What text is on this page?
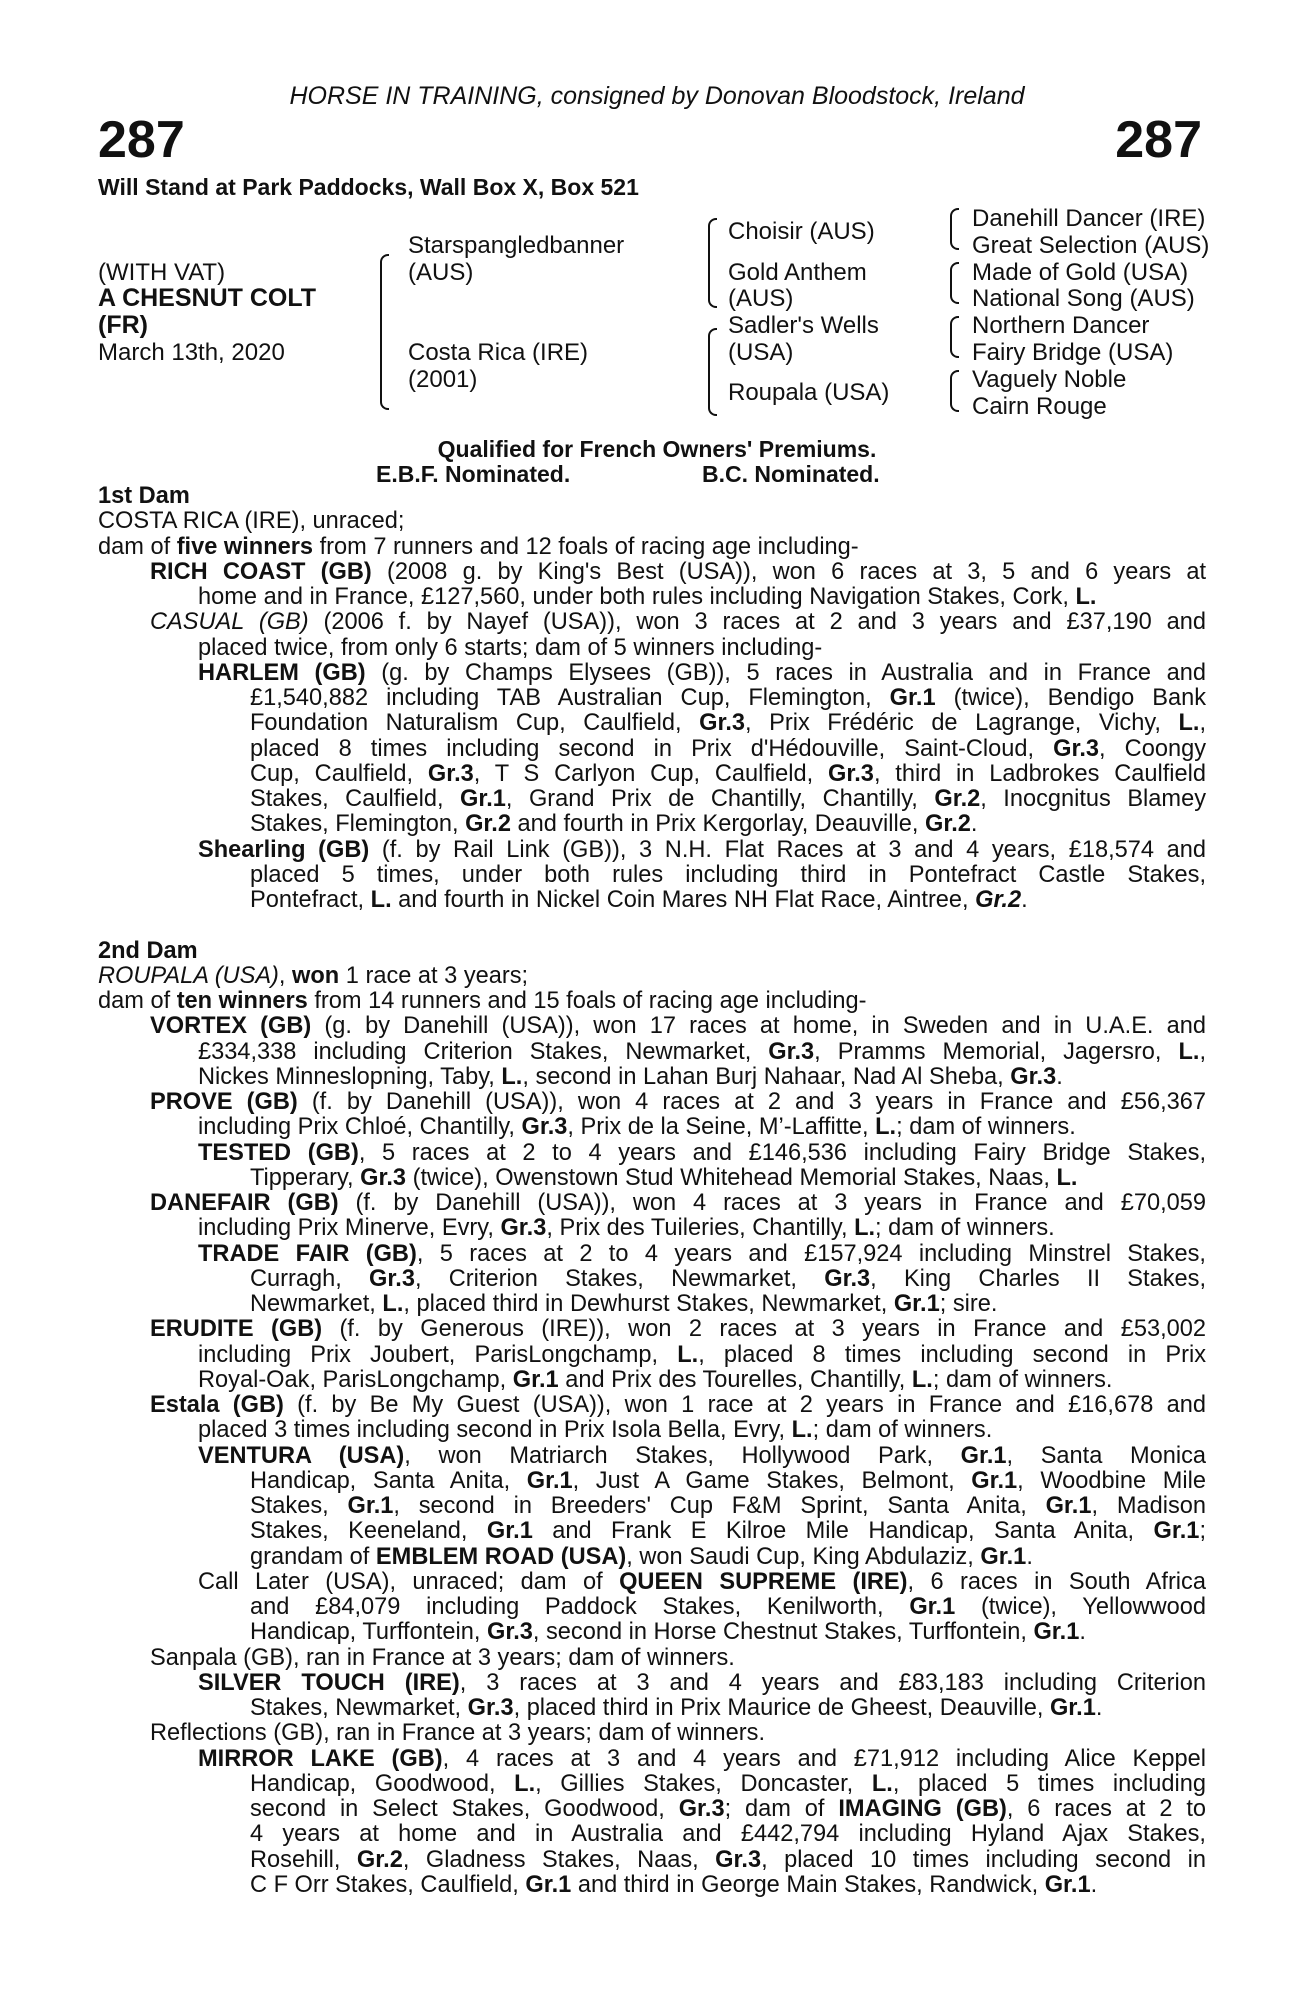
HORSE IN TRAINING, consigned by Donovan Bloodstock, Ireland
287	287
Will Stand at Park Paddocks, Wall Box X, Box 521
(WITH VAT)
A CHESNUT COLT
(FR)
March 13th, 2020
Starspangledbanner
(AUS)
Costa Rica (IRE)
(2001)
Choisir (AUS)
Gold Anthem
(AUS)
Sadler's Wells
(USA)
Roupala (USA)
Danehill Dancer (IRE)
Great Selection (AUS)
Made of Gold (USA)
National Song (AUS)
Northern Dancer
Fairy Bridge (USA)
Vaguely Noble
Cairn Rouge
Qualified for French Owners' Premiums.
E.B.F. Nominated.	B.C. Nominated.
1st Dam
COSTA RICA (IRE), unraced;
dam of five winners from 7 runners and 12 foals of racing age including-
RICH COAST (GB) (2008 g. by King's Best (USA)), won 6 races at 3, 5 and 6 years at
home and in France, £127,560, under both rules including Navigation Stakes, Cork, L.
CASUAL (GB) (2006 f. by Nayef (USA)), won 3 races at 2 and 3 years and £37,190 and
placed twice, from only 6 starts; dam of 5 winners including-
HARLEM (GB) (g. by Champs Elysees (GB)), 5 races in Australia and in France and
£1,540,882 including TAB Australian Cup, Flemington, Gr.1 (twice), Bendigo Bank
Foundation Naturalism Cup, Caulfield, Gr.3, Prix Frédéric de Lagrange, Vichy, L.,
placed 8 times including second in Prix d'Hédouville, Saint-Cloud, Gr.3, Coongy
Cup, Caulfield, Gr.3, T S Carlyon Cup, Caulfield, Gr.3, third in Ladbrokes Caulfield
Stakes, Caulfield, Gr.1, Grand Prix de Chantilly, Chantilly, Gr.2, Inocgnitus Blamey
Stakes, Flemington, Gr.2 and fourth in Prix Kergorlay, Deauville, Gr.2.
Shearling (GB) (f. by Rail Link (GB)), 3 N.H. Flat Races at 3 and 4 years, £18,574 and
placed 5 times, under both rules including third in Pontefract Castle Stakes,
Pontefract, L. and fourth in Nickel Coin Mares NH Flat Race, Aintree, Gr.2.
2nd Dam
ROUPALA (USA), won 1 race at 3 years;
dam of ten winners from 14 runners and 15 foals of racing age including-
VORTEX (GB) (g. by Danehill (USA)), won 17 races at home, in Sweden and in U.A.E. and
£334,338 including Criterion Stakes, Newmarket, Gr.3, Pramms Memorial, Jagersro, L.,
Nickes Minneslopning, Taby, L., second in Lahan Burj Nahaar, Nad Al Sheba, Gr.3.
PROVE (GB) (f. by Danehill (USA)), won 4 races at 2 and 3 years in France and £56,367
including Prix Chloé, Chantilly, Gr.3, Prix de la Seine, M’-Laffitte, L.; dam of winners.
TESTED (GB), 5 races at 2 to 4 years and £146,536 including Fairy Bridge Stakes,
Tipperary, Gr.3 (twice), Owenstown Stud Whitehead Memorial Stakes, Naas, L.
DANEFAIR (GB) (f. by Danehill (USA)), won 4 races at 3 years in France and £70,059
including Prix Minerve, Evry, Gr.3, Prix des Tuileries, Chantilly, L.; dam of winners.
TRADE FAIR (GB), 5 races at 2 to 4 years and £157,924 including Minstrel Stakes,
Curragh, Gr.3, Criterion Stakes, Newmarket, Gr.3, King Charles II Stakes,
Newmarket, L., placed third in Dewhurst Stakes, Newmarket, Gr.1; sire.
ERUDITE (GB) (f. by Generous (IRE)), won 2 races at 3 years in France and £53,002
including Prix Joubert, ParisLongchamp, L., placed 8 times including second in Prix
Royal-Oak, ParisLongchamp, Gr.1 and Prix des Tourelles, Chantilly, L.; dam of winners.
Estala (GB) (f. by Be My Guest (USA)), won 1 race at 2 years in France and £16,678 and
placed 3 times including second in Prix Isola Bella, Evry, L.; dam of winners.
VENTURA (USA), won Matriarch Stakes, Hollywood Park, Gr.1, Santa Monica
Handicap, Santa Anita, Gr.1, Just A Game Stakes, Belmont, Gr.1, Woodbine Mile
Stakes, Gr.1, second in Breeders' Cup F&M Sprint, Santa Anita, Gr.1, Madison
Stakes, Keeneland, Gr.1 and Frank E Kilroe Mile Handicap, Santa Anita, Gr.1;
grandam of EMBLEM ROAD (USA), won Saudi Cup, King Abdulaziz, Gr.1.
Call Later (USA), unraced; dam of QUEEN SUPREME (IRE), 6 races in South Africa
and £84,079 including Paddock Stakes, Kenilworth, Gr.1 (twice), Yellowwood
Handicap, Turffontein, Gr.3, second in Horse Chestnut Stakes, Turffontein, Gr.1.
Sanpala (GB), ran in France at 3 years; dam of winners.
SILVER TOUCH (IRE), 3 races at 3 and 4 years and £83,183 including Criterion
Stakes, Newmarket, Gr.3, placed third in Prix Maurice de Gheest, Deauville, Gr.1.
Reflections (GB), ran in France at 3 years; dam of winners.
MIRROR LAKE (GB), 4 races at 3 and 4 years and £71,912 including Alice Keppel
Handicap, Goodwood, L., Gillies Stakes, Doncaster, L., placed 5 times including
second in Select Stakes, Goodwood, Gr.3; dam of IMAGING (GB), 6 races at 2 to
4 years at home and in Australia and £442,794 including Hyland Ajax Stakes,
Rosehill, Gr.2, Gladness Stakes, Naas, Gr.3, placed 10 times including second in
C F Orr Stakes, Caulfield, Gr.1 and third in George Main Stakes, Randwick, Gr.1.
